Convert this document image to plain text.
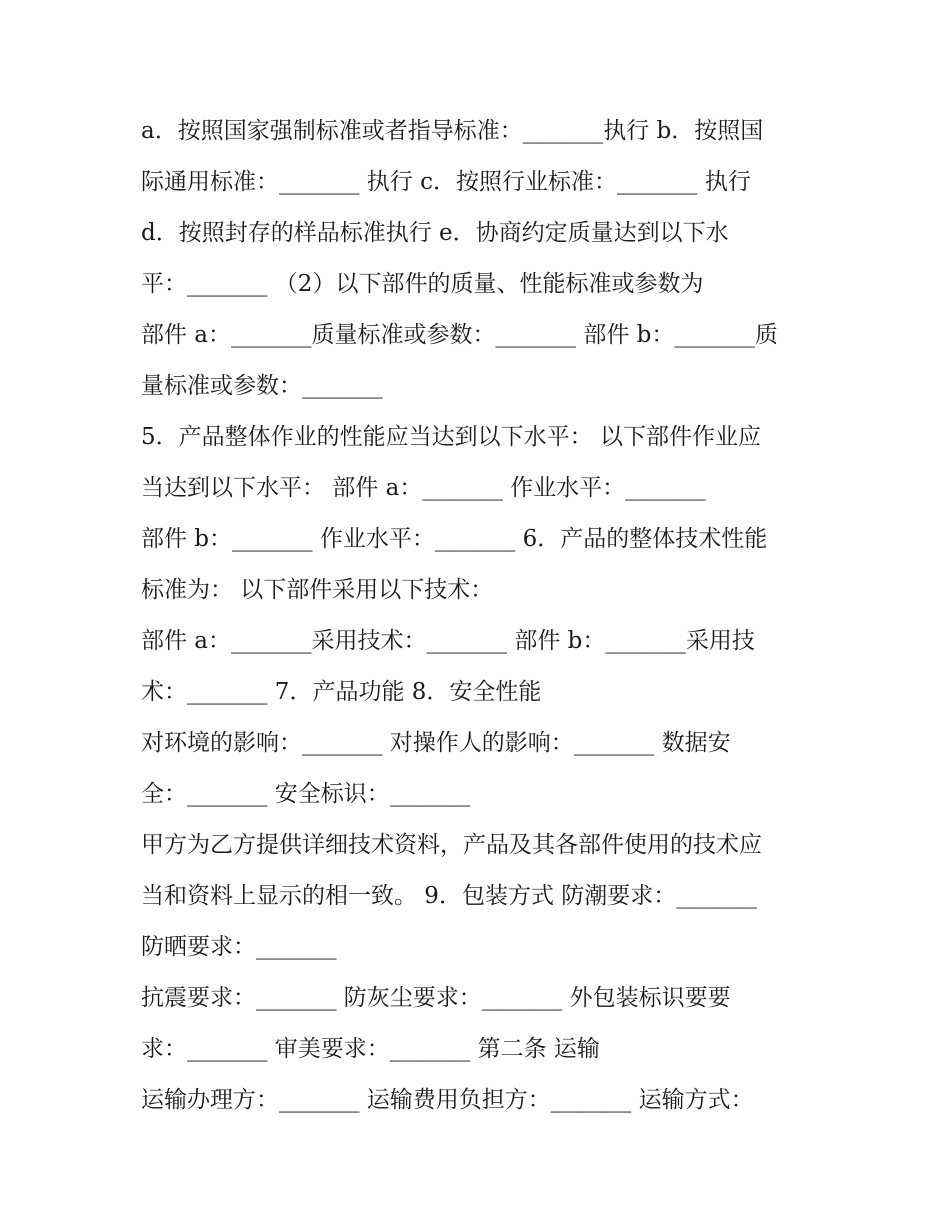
a．按照国家强制标准或者指导标准：_______执行 b．按照国
际通用标准：_______ 执行 c．按照行业标准：_______ 执行
d．按照封存的样品标准执行 e．协商约定质量达到以下水
平：_______ （2）以下部件的质量、性能标准或参数为
部件 a：_______质量标准或参数：_______ 部件 b：_______质
量标准或参数：_______
5．产品整体作业的性能应当达到以下水平： 以下部件作业应
当达到以下水平： 部件 a：_______ 作业水平：_______
部件 b：_______ 作业水平：_______ 6．产品的整体技术性能
标准为： 以下部件采用以下技术：
部件 a：_______采用技术：_______ 部件 b：_______采用技
术：_______ 7．产品功能 8．安全性能
对环境的影响：_______ 对操作人的影响：_______ 数据安
全：_______ 安全标识：_______
甲方为乙方提供详细技术资料，产品及其各部件使用的技术应
当和资料上显示的相一致。 9．包装方式 防潮要求：_______
防晒要求：_______
抗震要求：_______ 防灰尘要求：_______ 外包装标识要要
求：_______ 审美要求：_______ 第二条 运输
运输办理方：_______ 运输费用负担方：_______ 运输方式：
